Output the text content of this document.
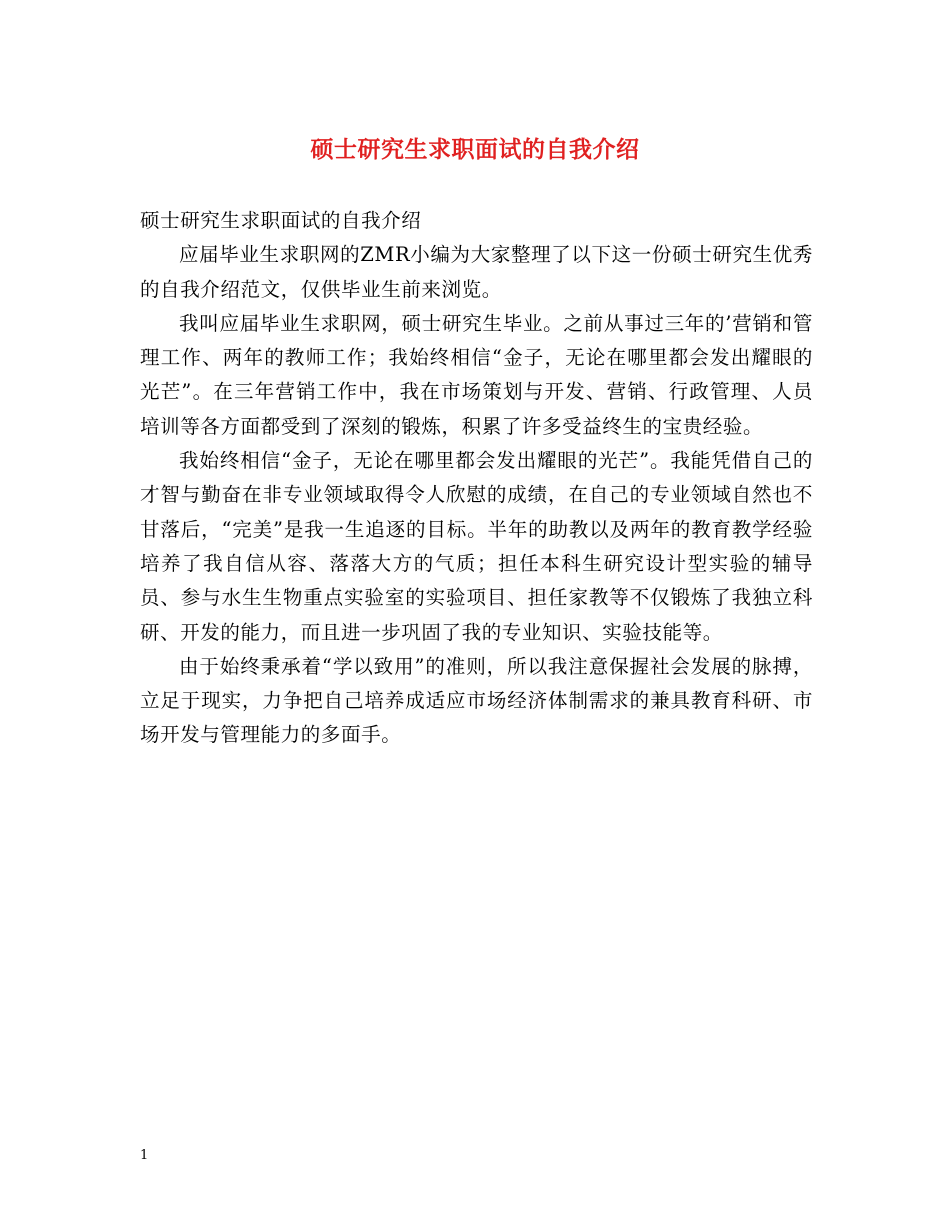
硕士研究生求职面试的自我介绍

硕士研究生求职面试的自我介绍

应届毕业生求职网的ZMR小编为大家整理了以下这一份硕士研究生优秀的自我介绍范文，仅供毕业生前来浏览。

我叫应届毕业生求职网，硕士研究生毕业。之前从事过三年的’营销和管理工作、两年的教师工作；我始终相信“金子，无论在哪里都会发出耀眼的光芒”。在三年营销工作中，我在市场策划与开发、营销、行政管理、人员培训等各方面都受到了深刻的锻炼，积累了许多受益终生的宝贵经验。

我始终相信“金子，无论在哪里都会发出耀眼的光芒”。我能凭借自己的才智与勤奋在非专业领域取得令人欣慰的成绩，在自己的专业领域自然也不甘落后，“完美”是我一生追逐的目标。半年的助教以及两年的教育教学经验培养了我自信从容、落落大方的气质；担任本科生研究设计型实验的辅导员、参与水生生物重点实验室的实验项目、担任家教等不仅锻炼了我独立科研、开发的能力，而且进一步巩固了我的专业知识、实验技能等。

由于始终秉承着“学以致用”的准则，所以我注意保握社会发展的脉搏，立足于现实，力争把自己培养成适应市场经济体制需求的兼具教育科研、市场开发与管理能力的多面手。

1
